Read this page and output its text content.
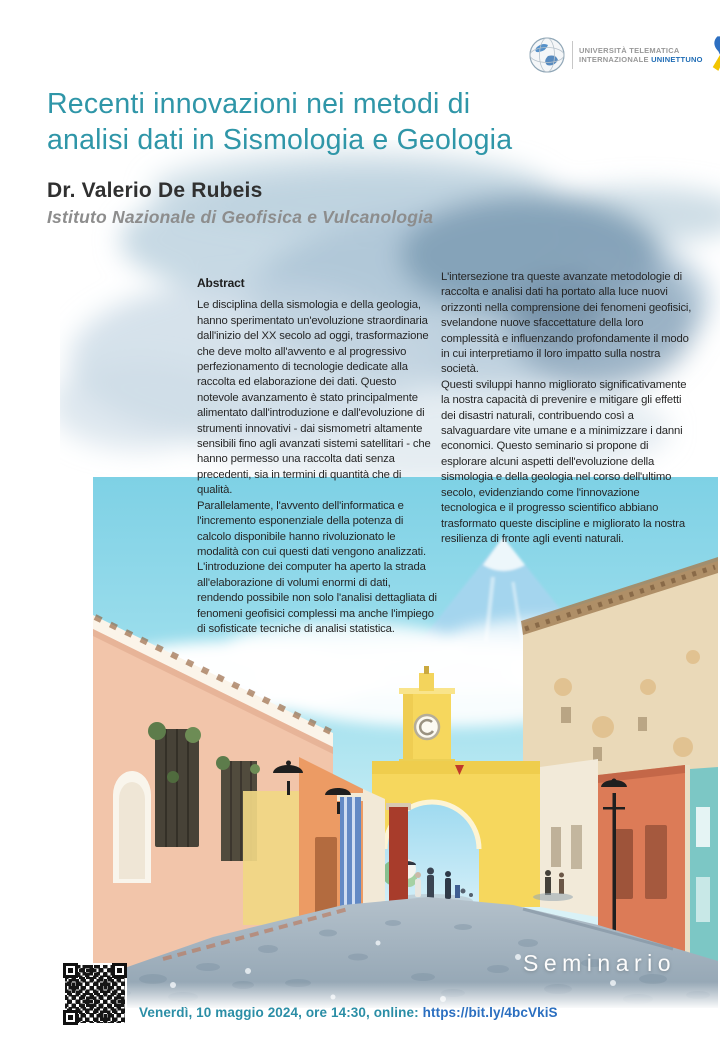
UNIVERSITÀ TELEMATICA
INTERNAZIONALE UNINETTUNO
Recenti innovazioni nei metodi di
analisi dati in Sismologia e Geologia
Dr. Valerio De Rubeis
Istituto Nazionale di Geofisica e Vulcanologia
Abstract

Le disciplina della sismologia e della geologia, hanno sperimentato un'evoluzione straordinaria dall'inizio del XX secolo ad oggi, trasformazione che deve molto all'avvento e al progressivo perfezionamento di tecnologie dedicate alla raccolta ed elaborazione dei dati. Questo notevole avanzamento è stato principalmente alimentato dall'introduzione e dall'evoluzione di strumenti innovativi - dai sismometri altamente sensibili fino agli avanzati sistemi satellitari - che hanno permesso una raccolta dati senza precedenti, sia in termini di quantità che di qualità.

Parallelamente, l'avvento dell'informatica e l'incremento esponenziale della potenza di calcolo disponibile hanno rivoluzionato le modalità con cui questi dati vengono analizzati. L'introduzione dei computer ha aperto la strada all'elaborazione di volumi enormi di dati, rendendo possibile non solo l'analisi dettagliata di fenomeni geofisici complessi ma anche l'impiego di sofisticate tecniche di analisi statistica.

L'intersezione tra queste avanzate metodologie di raccolta e analisi dati ha portato alla luce nuovi orizzonti nella comprensione dei fenomeni geofisici, svelandone nuove sfaccettature della loro complessità e influenzando profondamente il modo in cui interpretiamo il loro impatto sulla nostra società.

Questi sviluppi hanno migliorato significativamente la nostra capacità di prevenire e mitigare gli effetti dei disastri naturali, contribuendo così a salvaguardare vite umane e a minimizzare i danni economici. Questo seminario si propone di esplorare alcuni aspetti dell'evoluzione della sismologia e della geologia nel corso dell'ultimo secolo, evidenziando come l'innovazione tecnologica e il progresso scientifico abbiano trasformato queste discipline e migliorato la nostra resilienza di fronte agli eventi naturali.

Seminario
Venerdì, 10 maggio 2024, ore 14:30, online: https://bit.ly/4bcVkiS
